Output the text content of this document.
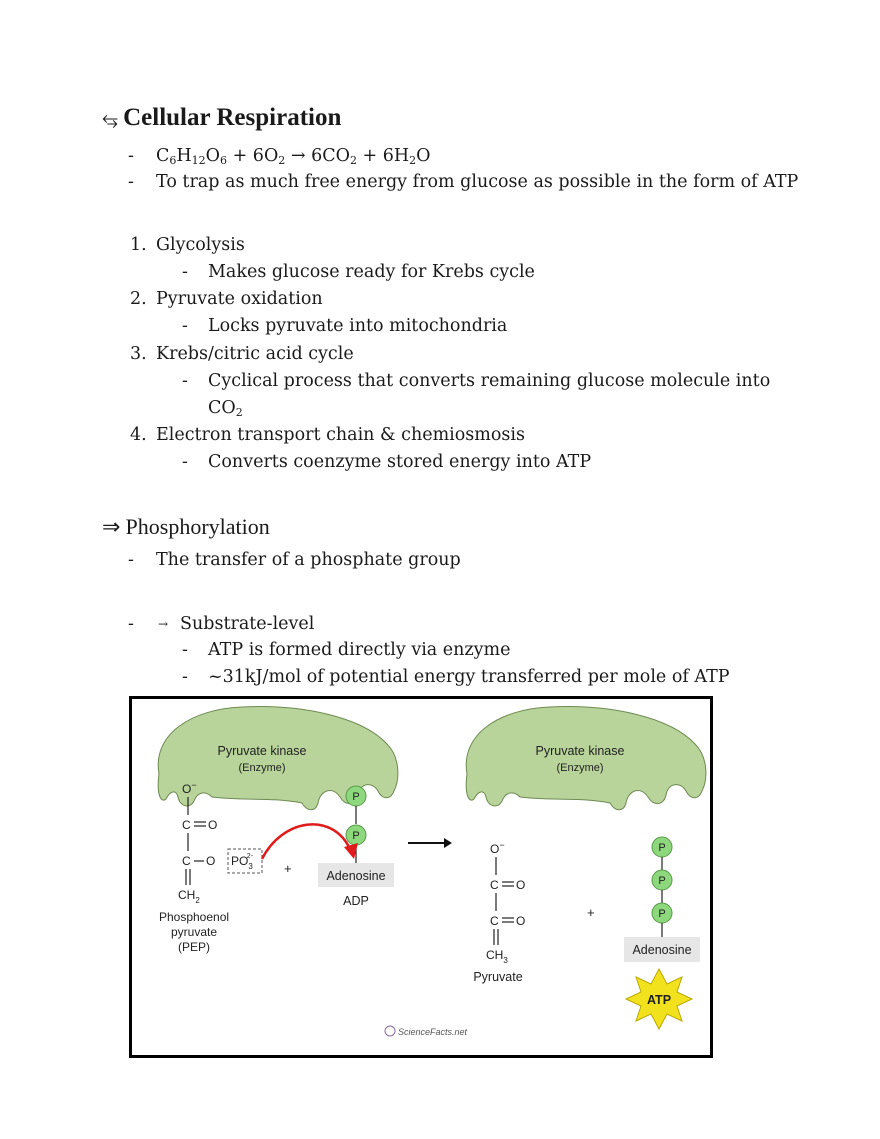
⥃ Cellular Respiration
- $C_6H_{12}O_6 + 6O_2 \to 6CO_2 + 6H_2O$
- To trap as much free energy from glucose as possible in the form of ATP
1. Glycolysis
- Makes glucose ready for Krebs cycle
2. Pyruvate oxidation
- Locks pyruvate into mitochondria
3. Krebs/citric acid cycle
- Cyclical process that converts remaining glucose molecule into
$CO_2$
4. Electron transport chain & chemiosmosis
- Converts coenzyme stored energy into ATP
⇒ Phosphorylation
- The transfer of a phosphate group
- → Substrate-level
- ATP is formed directly via enzyme
- ~31kJ/mol of potential energy transferred per mole of ATP
Pyruvate kinase
(Enzyme)
Pyruvate kinase
(Enzyme)
O−
C O
C O $PO_32-$
$CH_2$
Phosphoenol
pyruvate
(PEP)
+
P
P
Adenosine
ADP
O−
C O
C O
$CH_3$
Pyruvate
+
P
P
P
Adenosine
ATP
ScienceFacts.net
